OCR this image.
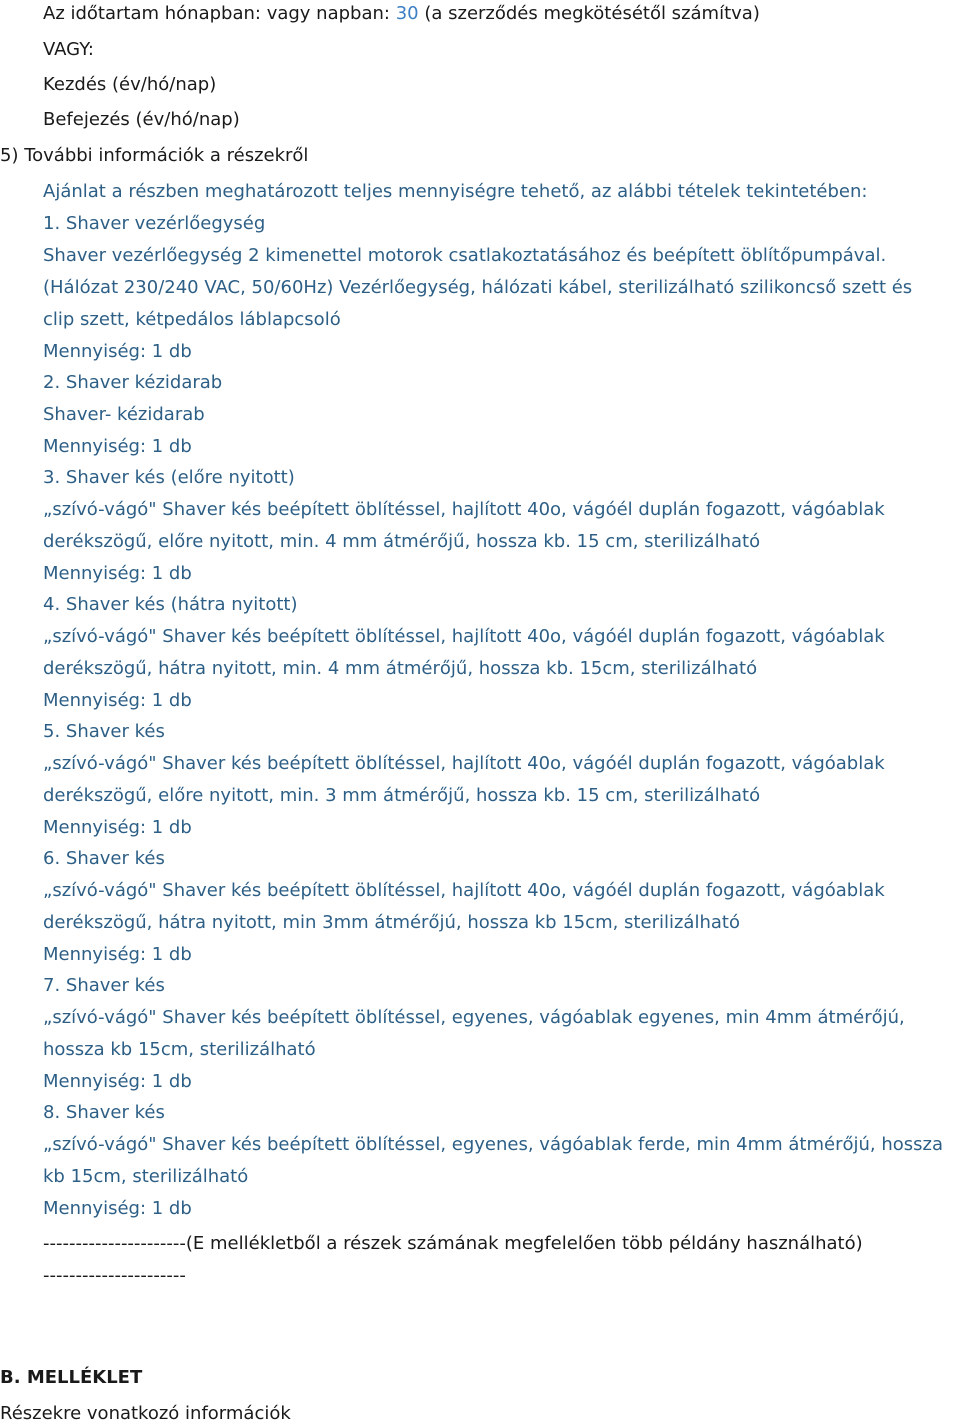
Az időtartam hónapban: vagy napban: 30 (a szerződés megkötésétől számítva)
VAGY:
Kezdés (év/hó/nap)
Befejezés (év/hó/nap)
5) További információk a részekről
Ajánlat a részben meghatározott teljes mennyiségre tehető, az alábbi tételek tekintetében:
1. Shaver vezérlőegység
Shaver vezérlőegység 2 kimenettel motorok csatlakoztatásához és beépített öblítőpumpával.
(Hálózat 230/240 VAC, 50/60Hz) Vezérlőegység, hálózati kábel, sterilizálható szilikoncső szett és
clip szett, kétpedálos láblapcsoló
Mennyiség: 1 db
2. Shaver kézidarab
Shaver- kézidarab
Mennyiség: 1 db
3. Shaver kés (előre nyitott)
„szívó-vágó" Shaver kés beépített öblítéssel, hajlított 40o, vágóél duplán fogazott, vágóablak
derékszögű, előre nyitott, min. 4 mm átmérőjű, hossza kb. 15 cm, sterilizálható
Mennyiség: 1 db
4. Shaver kés (hátra nyitott)
„szívó-vágó" Shaver kés beépített öblítéssel, hajlított 40o, vágóél duplán fogazott, vágóablak
derékszögű, hátra nyitott, min. 4 mm átmérőjű, hossza kb. 15cm, sterilizálható
Mennyiség: 1 db
5. Shaver kés
„szívó-vágó" Shaver kés beépített öblítéssel, hajlított 40o, vágóél duplán fogazott, vágóablak
derékszögű, előre nyitott, min. 3 mm átmérőjű, hossza kb. 15 cm, sterilizálható
Mennyiség: 1 db
6. Shaver kés
„szívó-vágó" Shaver kés beépített öblítéssel, hajlított 40o, vágóél duplán fogazott, vágóablak
derékszögű, hátra nyitott, min 3mm átmérőjú, hossza kb 15cm, sterilizálható
Mennyiség: 1 db
7. Shaver kés
„szívó-vágó" Shaver kés beépített öblítéssel, egyenes, vágóablak egyenes, min 4mm átmérőjú,
hossza kb 15cm, sterilizálható
Mennyiség: 1 db
8. Shaver kés
„szívó-vágó" Shaver kés beépített öblítéssel, egyenes, vágóablak ferde, min 4mm átmérőjú, hossza
kb 15cm, sterilizálható
Mennyiség: 1 db
----------------------(E mellékletből a részek számának megfelelően több példány használható)
----------------------
B. MELLÉKLET
Részekre vonatkozó információk
